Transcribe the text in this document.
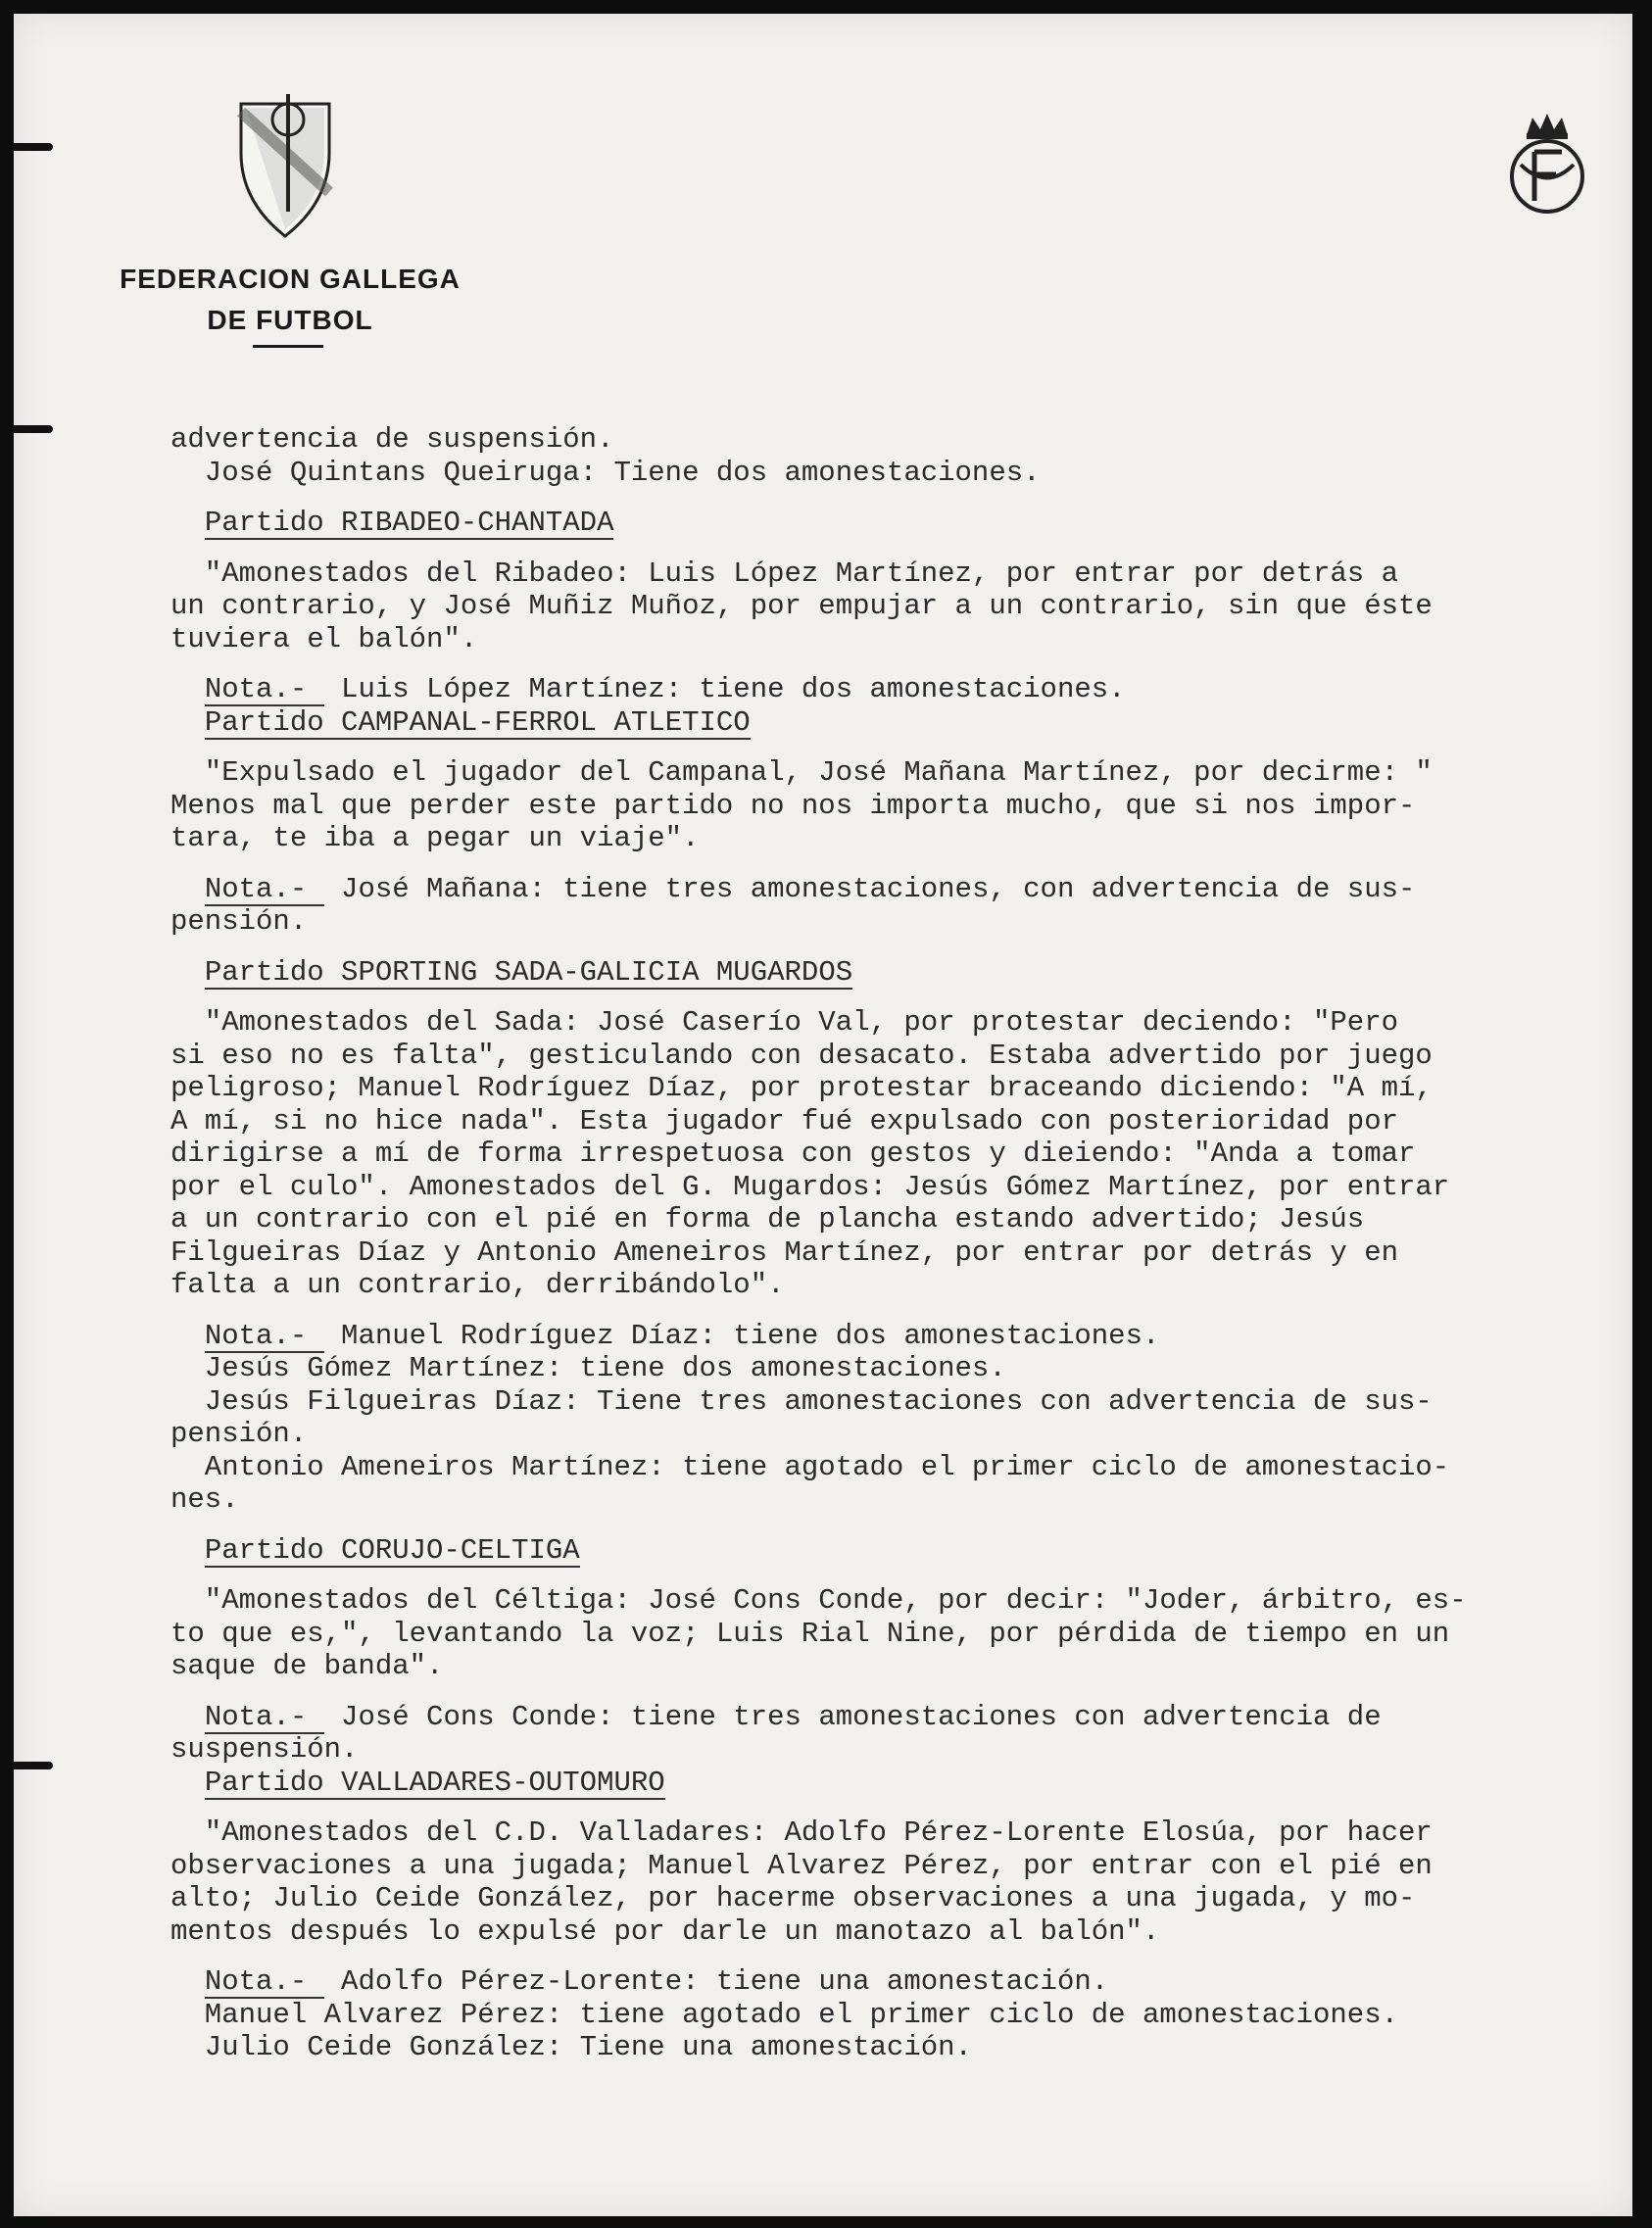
FEDERACION GALLEGA
DE FUTBOL
advertencia de suspensión.
José Quintans Queiruga: Tiene dos amonestaciones.
Partido RIBADEO-CHANTADA
"Amonestados del Ribadeo: Luis López Martínez, por entrar por detrás a
un contrario, y José Muñiz Muñoz, por empujar a un contrario, sin que éste
tuviera el balón".
Nota.-  Luis López Martínez: tiene dos amonestaciones.
Partido CAMPANAL-FERROL ATLETICO
"Expulsado el jugador del Campanal, José Mañana Martínez, por decirme: "
Menos mal que perder este partido no nos importa mucho, que si nos impor-
tara, te iba a pegar un viaje".
Nota.-  José Mañana: tiene tres amonestaciones, con advertencia de sus-
pensión.
Partido SPORTING SADA-GALICIA MUGARDOS
"Amonestados del Sada: José Caserío Val, por protestar deciendo: "Pero
si eso no es falta", gesticulando con desacato. Estaba advertido por juego
peligroso; Manuel Rodríguez Díaz, por protestar braceando diciendo: "A mí,
A mí, si no hice nada". Esta jugador fué expulsado con posterioridad por
dirigirse a mí de forma irrespetuosa con gestos y dieiendo: "Anda a tomar
por el culo". Amonestados del G. Mugardos: Jesús Gómez Martínez, por entrar
a un contrario con el pié en forma de plancha estando advertido; Jesús
Filgueiras Díaz y Antonio Ameneiros Martínez, por entrar por detrás y en
falta a un contrario, derribándolo".
Nota.-  Manuel Rodríguez Díaz: tiene dos amonestaciones.
Jesús Gómez Martínez: tiene dos amonestaciones.
Jesús Filgueiras Díaz: Tiene tres amonestaciones con advertencia de sus-
pensión.
Antonio Ameneiros Martínez: tiene agotado el primer ciclo de amonestacio-
nes.
Partido CORUJO-CELTIGA
"Amonestados del Céltiga: José Cons Conde, por decir: "Joder, árbitro, es-
to que es,", levantando la voz; Luis Rial Nine, por pérdida de tiempo en un
saque de banda".
Nota.-  José Cons Conde: tiene tres amonestaciones con advertencia de
suspensión.
Partido VALLADARES-OUTOMURO
"Amonestados del C.D. Valladares: Adolfo Pérez-Lorente Elosúa, por hacer
observaciones a una jugada; Manuel Alvarez Pérez, por entrar con el pié en
alto; Julio Ceide González, por hacerme observaciones a una jugada, y mo-
mentos después lo expulsé por darle un manotazo al balón".
Nota.-  Adolfo Pérez-Lorente: tiene una amonestación.
Manuel Alvarez Pérez: tiene agotado el primer ciclo de amonestaciones.
Julio Ceide González: Tiene una amonestación.
